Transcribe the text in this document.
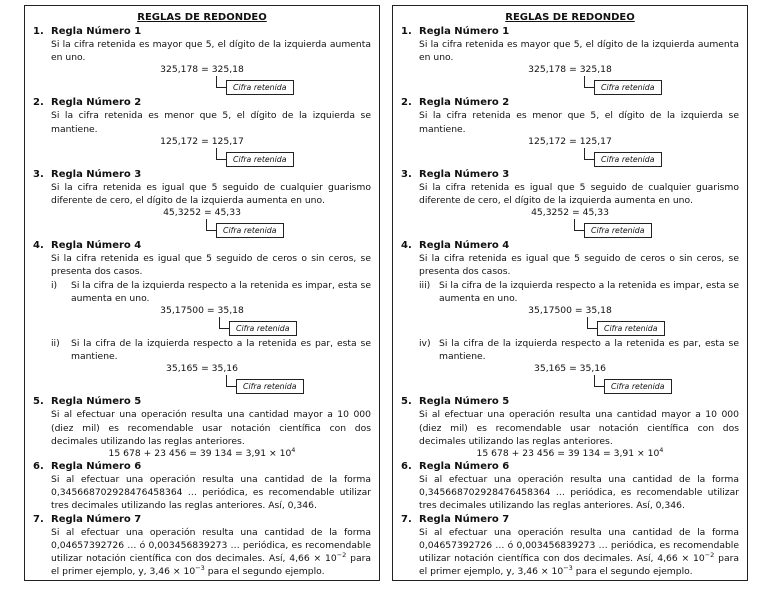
REGLAS DE REDONDEO
1. Regla Número 1
Si la cifra retenida es mayor que 5, el dígito de la izquierda aumenta en uno.
325,178 = 325,18
Cifra retenida
2. Regla Número 2
Si la cifra retenida es menor que 5, el dígito de la izquierda se mantiene.
125,172 = 125,17
Cifra retenida
3. Regla Número 3
Si la cifra retenida es igual que 5 seguido de cualquier guarismo diferente de cero, el dígito de la izquierda aumenta en uno.
45,3252 = 45,33
Cifra retenida
4. Regla Número 4
Si la cifra retenida es igual que 5 seguido de ceros o sin ceros, se presenta dos casos.
i)	Si la cifra de la izquierda respecto a la retenida es impar, esta se aumenta en uno.
35,17500 = 35,18
Cifra retenida
ii)	Si la cifra de la izquierda respecto a la retenida es par, esta se mantiene.
35,165 = 35,16
Cifra retenida
5. Regla Número 5
Si al efectuar una operación resulta una cantidad mayor a 10 000 (diez mil) es recomendable usar notación científica con dos decimales utilizando las reglas anteriores.
15 678 + 23 456 = 39 $134 = 3,91 \times 10^4$
6. Regla Número 6
Si al efectuar una operación resulta una cantidad de la forma 0,345668702928476458364 … periódica, es recomendable utilizar tres decimales utilizando las reglas anteriores. Así, 0,346.
7. Regla Número 7
Si al efectuar una operación resulta una cantidad de la forma 0,04657392726 … ó 0,003456839273 … periódica, es recomendable utilizar notación científica con dos decimales. Así, $4,66 \times 10^{-2}$ para el primer ejemplo, y, $3,46 \times 10^{-3}$ para el segundo ejemplo.
REGLAS DE REDONDEO
1. Regla Número 1
Si la cifra retenida es mayor que 5, el dígito de la izquierda aumenta en uno.
325,178 = 325,18
Cifra retenida
2. Regla Número 2
Si la cifra retenida es menor que 5, el dígito de la izquierda se mantiene.
125,172 = 125,17
Cifra retenida
3. Regla Número 3
Si la cifra retenida es igual que 5 seguido de cualquier guarismo diferente de cero, el dígito de la izquierda aumenta en uno.
45,3252 = 45,33
Cifra retenida
4. Regla Número 4
Si la cifra retenida es igual que 5 seguido de ceros o sin ceros, se presenta dos casos.
iii) Si la cifra de la izquierda respecto a la retenida es impar, esta se aumenta en uno.
35,17500 = 35,18
Cifra retenida
iv) Si la cifra de la izquierda respecto a la retenida es par, esta se mantiene.
35,165 = 35,16
Cifra retenida
5. Regla Número 5
Si al efectuar una operación resulta una cantidad mayor a 10 000 (diez mil) es recomendable usar notación científica con dos decimales utilizando las reglas anteriores.
15 678 + 23 456 = 39 $134 = 3,91 \times 10^4$
6. Regla Número 6
Si al efectuar una operación resulta una cantidad de la forma 0,345668702928476458364 … periódica, es recomendable utilizar tres decimales utilizando las reglas anteriores. Así, 0,346.
7. Regla Número 7
Si al efectuar una operación resulta una cantidad de la forma 0,04657392726 … ó 0,003456839273 … periódica, es recomendable utilizar notación científica con dos decimales. Así, $4,66 \times 10^{-2}$ para el primer ejemplo, y, $3,46 \times 10^{-3}$ para el segundo ejemplo.
